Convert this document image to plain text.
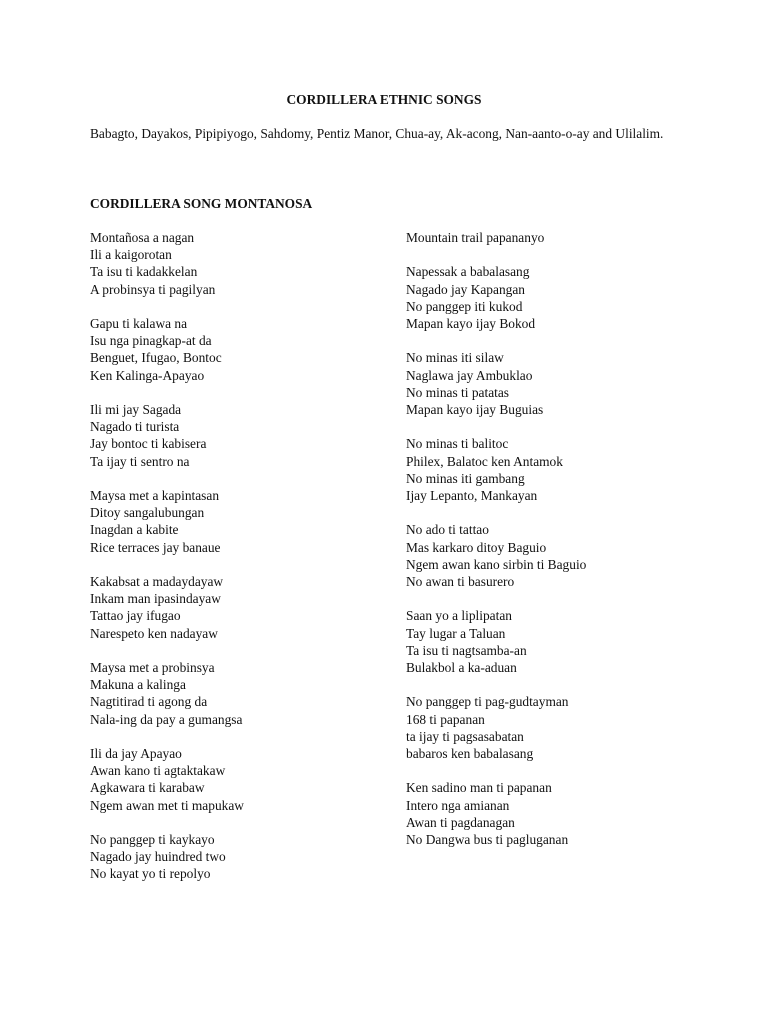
CORDILLERA ETHNIC SONGS

Babagto, Dayakos, Pipipiyogo, Sahdomy, Pentiz Manor, Chua-ay, Ak-acong, Nan-aanto-o-ay and Ulilalim.

CORDILLERA SONG MONTANOSA

Montañosa a nagan
Ili a kaigorotan
Ta isu ti kadakkelan
A probinsya ti pagilyan

Gapu ti kalawa na
Isu nga pinagkap-at da
Benguet, Ifugao, Bontoc
Ken Kalinga-Apayao

Ili mi jay Sagada
Nagado ti turista
Jay bontoc ti kabisera
Ta ijay ti sentro na

Maysa met a kapintasan
Ditoy sangalubungan
Inagdan a kabite
Rice terraces jay banaue

Kakabsat a madaydayaw
Inkam man ipasindayaw
Tattao jay ifugao
Narespeto ken nadayaw

Maysa met a probinsya
Makuna a kalinga
Nagtitirad ti agong da
Nala-ing da pay a gumangsa

Ili da jay Apayao
Awan kano ti agtaktakaw
Agkawara ti karabaw
Ngem awan met ti mapukaw

No panggep ti kaykayo
Nagado jay huindred two
No kayat yo ti repolyo

Mountain trail papananyo

Napessak a babalasang
Nagado jay Kapangan
No panggep iti kukod
Mapan kayo ijay Bokod

No minas iti silaw
Naglawa jay Ambuklao
No minas ti patatas
Mapan kayo ijay Buguias

No minas ti balitoc
Philex, Balatoc ken Antamok
No minas iti gambang
Ijay Lepanto, Mankayan

No ado ti tattao
Mas karkaro ditoy Baguio
Ngem awan kano sirbin ti Baguio
No awan ti basurero

Saan yo a liplipatan
Tay lugar a Taluan
Ta isu ti nagtsamba-an
Bulakbol a ka-aduan

No panggep ti pag-gudtayman
168 ti papanan
ta ijay ti pagsasabatan
babaros ken babalasang

Ken sadino man ti papanan
Intero nga amianan
Awan ti pagdanagan
No Dangwa bus ti pagluganan
